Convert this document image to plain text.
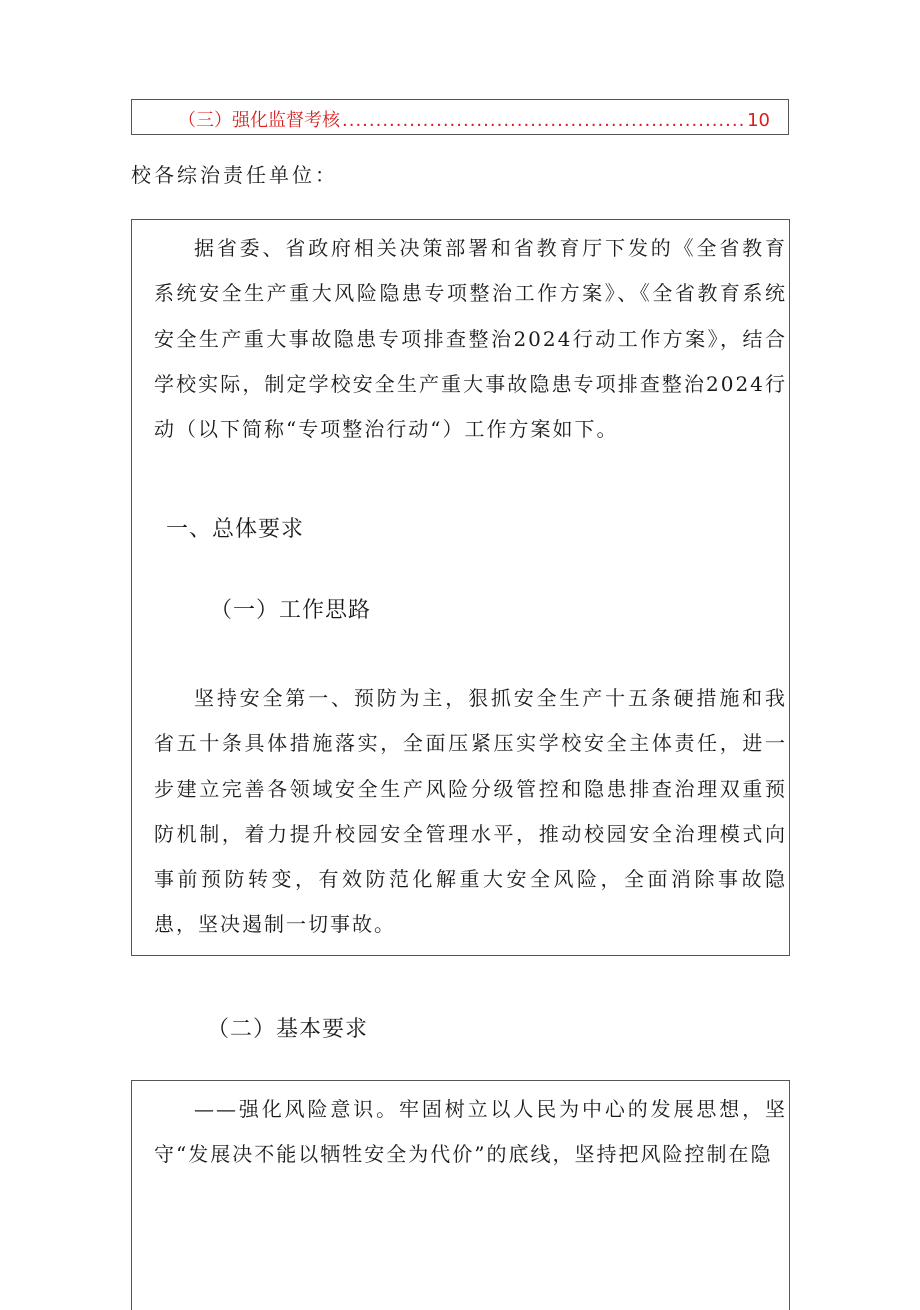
（三）强化监督考核
.....	10
校各综治责任单位：
据省委、省政府相关决策部署和省教育厅下发的《全省教育系统安全生产重大风险隐患专项整治工作方案》、《全省教育系统安全生产重大事故隐患专项排查整治2024行动工作方案》，结合学校实际，制定学校安全生产重大事故隐患专项排查整治2024行动（以下简称“专项整治行动“）工作方案如下。
一、总体要求
（一）工作思路
坚持安全第一、预防为主，狠抓安全生产十五条硬措施和我省五十条具体措施落实，全面压紧压实学校安全主体责任，进一步建立完善各领域安全生产风险分级管控和隐患排查治理双重预防机制，着力提升校园安全管理水平，推动校园安全治理模式向事前预防转变，有效防范化解重大安全风险，全面消除事故隐患，坚决遏制一切事故。
（二）基本要求
——强化风险意识。牢固树立以人民为中心的发展思想，坚守“发展决不能以牺牲安全为代价”的底线，坚持把风险控制在隐
